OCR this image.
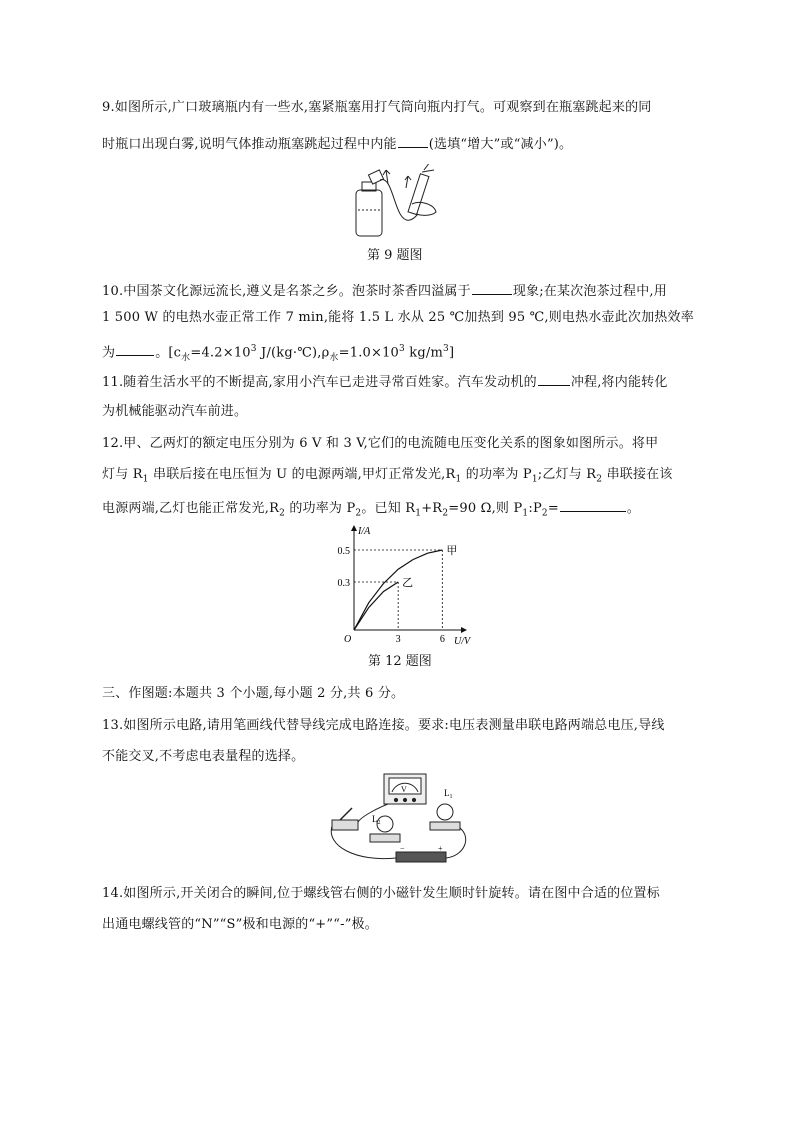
9.如图所示,广口玻璃瓶内有一些水,塞紧瓶塞用打气筒向瓶内打气。可观察到在瓶塞跳起来的同
时瓶口出现白雾,说明气体推动瓶塞跳起过程中内能 (选填“增大”或“减小”)。
第 9 题图
10.中国茶文化源远流长,遵义是名茶之乡。泡茶时茶香四溢属于	现象;在某次泡茶过程中,用
1 500 W 的电热水壶正常工作 7 min,能将 1.5 L 水从 25 ℃加热到 95 ℃,则电热水壶此次加热效率
为	。[$c_水=4.2\times 10^3$ $J/(kg\cdot℃),\rho_水=1.0\times 10^3$ $kg/m^3$]
11.随着生活水平的不断提高,家用小汽车已走进寻常百姓家。汽车发动机的	冲程,将内能转化
为机械能驱动汽车前进。
12.甲、乙两灯的额定电压分别为 6 V 和 3 V,它们的电流随电压变化关系的图象如图所示。将甲
灯与 $R_1$ 串联后接在电压恒为 U 的电源两端,甲灯正常发光$,R_1$ 的功率为 $P_1$;乙灯与 $R_2$ 串联接在该
电源两端,乙灯也能正常发光$,R_2$ 的功率为 $P_2$。已知 $R_1+R_2=90$ Ω,则 $P_1:P_2=$	。
甲
乙
3	6
0.3
0.5
O	U/V
I/A
第 12 题图
三、作图题:本题共 3 个小题,每小题 2 分,共 6 分。
13.如图所示电路,请用笔画线代替导线完成电路连接。要求:电压表测量串联电路两端总电压,导线
不能交叉,不考虑电表量程的选择。
V	$L_1$
$L_2$
−	+
14.如图所示,开关闭合的瞬间,位于螺线管右侧的小磁针发生顺时针旋转。请在图中合适的位置标
出通电螺线管的“N”“S”极和电源的“+”“-”极。
